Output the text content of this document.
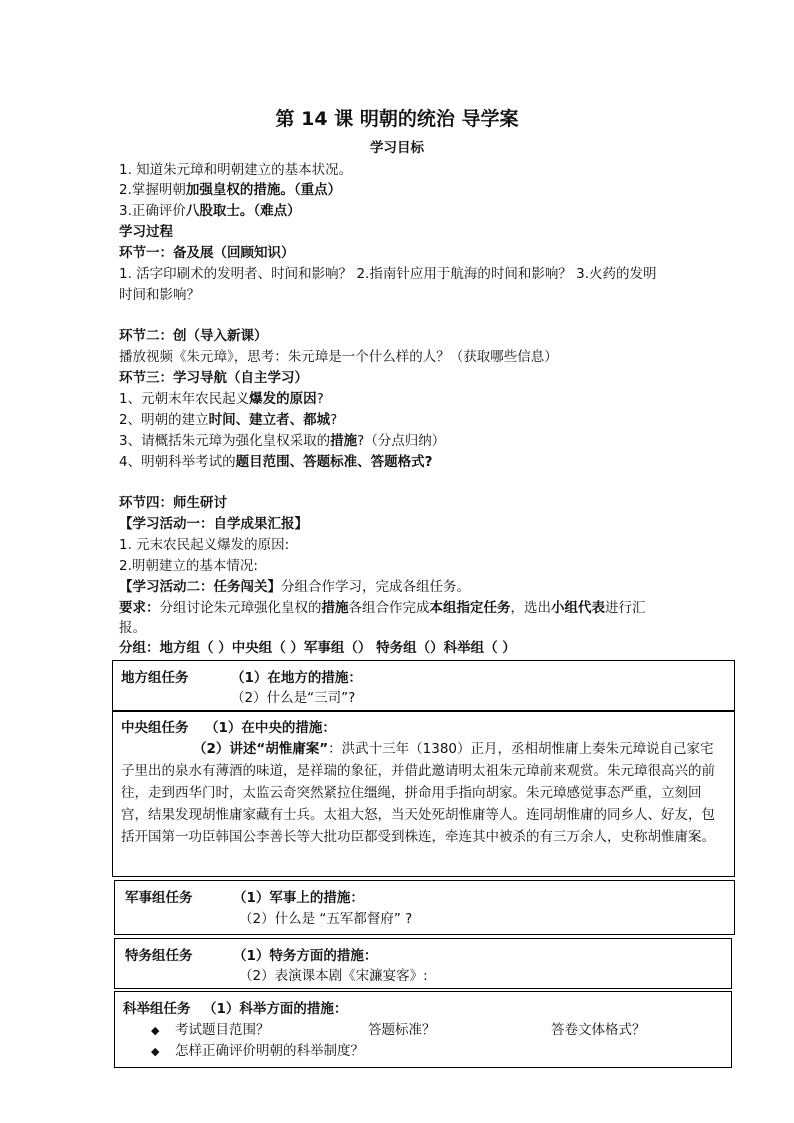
第 14 课 明朝的统治 导学案
学习目标
1. 知道朱元璋和明朝建立的基本状况。
2.掌握明朝加强皇权的措施。（重点）
3.正确评价八股取士。（难点）
学习过程
环节一：备及展（回顾知识）
1. 活字印刷术的发明者、时间和影响？ 2.指南针应用于航海的时间和影响？ 3.火药的发明
时间和影响？
环节二：创（导入新课）
播放视频《朱元璋》，思考：朱元璋是一个什么样的人？（获取哪些信息）
环节三：学习导航（自主学习）
1、元朝末年农民起义爆发的原因?
2、明朝的建立时间、建立者、都城?
3、请概括朱元璋为强化皇权采取的措施?（分点归纳）
4、明朝科举考试的题目范围、答题标准、答题格式?
环节四：师生研讨
【学习活动一：自学成果汇报】
1. 元末农民起义爆发的原因:
2.明朝建立的基本情况:
【学习活动二：任务闯关】分组合作学习，完成各组任务。
要求：分组讨论朱元璋强化皇权的措施各组合作完成本组指定任务，选出小组代表进行汇
报。
分组：地方组（ ）中央组（ ）军事组（） 特务组（）科举组（ ）
地方组任务	（1）在地方的措施：
（2）什么是“三司”?
中央组任务 （1）在中央的措施：
（2）讲述“胡惟庸案”：洪武十三年（1380）正月，丞相胡惟庸上奏朱元璋说自己家宅子里出的泉水有薄酒的味道，是祥瑞的象征，并借此邀请明太祖朱元璋前来观赏。朱元璋很高兴的前往，走到西华门时，太监云奇突然紧拉住缰绳，拼命用手指向胡家。朱元璋感觉事态严重，立刻回宫，结果发现胡惟庸家藏有士兵。太祖大怒，当天处死胡惟庸等人。连同胡惟庸的同乡人、好友，包括开国第一功臣韩国公李善长等大批功臣都受到株连，牵连其中被杀的有三万余人，史称胡惟庸案。
军事组任务	（1）军事上的措施：
（2）什么是 “五军都督府” ?
特务组任务	（1）特务方面的措施：
（2）表演课本剧《宋濂宴客》:
科举组任务 （1）科举方面的措施：
◆ 考试题目范围？	答题标准？	答卷文体格式？
◆ 怎样正确评价明朝的科举制度？
